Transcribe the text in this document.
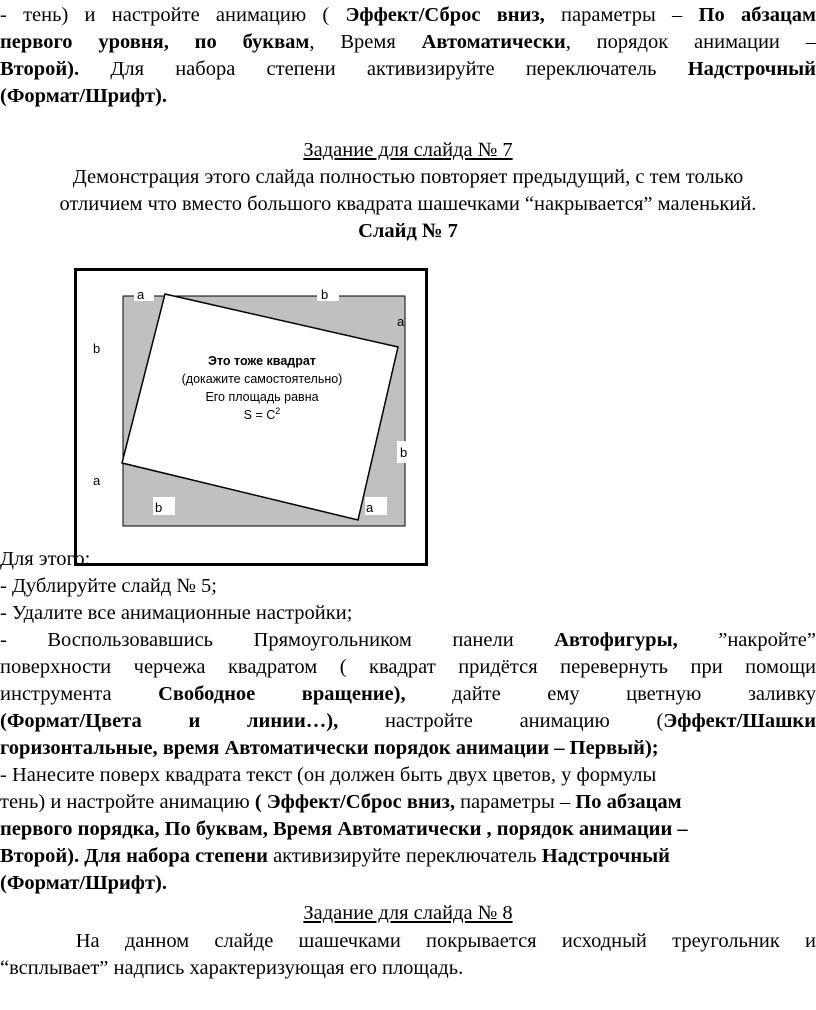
- тень) и настройте анимацию ( Эффект/Сброс вниз, параметры – По абзацам

первого уровня, по буквам, Время Автоматически, порядок анимации –

Второй). Для набора степени активизируйте переключатель Надстрочный

(Формат/Шрифт).

Задание для слайда № 7

Демонстрация этого слайда полностью повторяет предыдущий, с тем только

отличием что вместо большого квадрата шашечками “накрывается” маленький.

Слайд № 7

a	b
a
b
b
a
b	a
Это тоже квадрат
(докажите самостоятельно)
Его площадь равна
$S = C^2$

Для этого:

- Дублируйте слайд № 5;

- Удалите все анимационные настройки;

- Воспользовавшись Прямоугольником панели Автофигуры, ”накройте”

поверхности черчежа квадратом ( квадрат придётся перевернуть при помощи

инструмента Свободное вращение), дайте ему цветную заливку

(Формат/Цвета и линии…), настройте анимацию (Эффект/Шашки

горизонтальные, время Автоматически порядок анимации – Первый);

- Нанесите поверх квадрата текст (он должен быть двух цветов, у формулы

тень) и настройте анимацию ( Эффект/Сброс вниз, параметры – По абзацам

первого порядка, По буквам, Время Автоматически , порядок анимации –

Второй). Для набора степени активизируйте переключатель Надстрочный

(Формат/Шрифт).

Задание для слайда № 8

На данном слайде шашечками покрывается исходный треугольник и

“всплывает” надпись характеризующая его площадь.
